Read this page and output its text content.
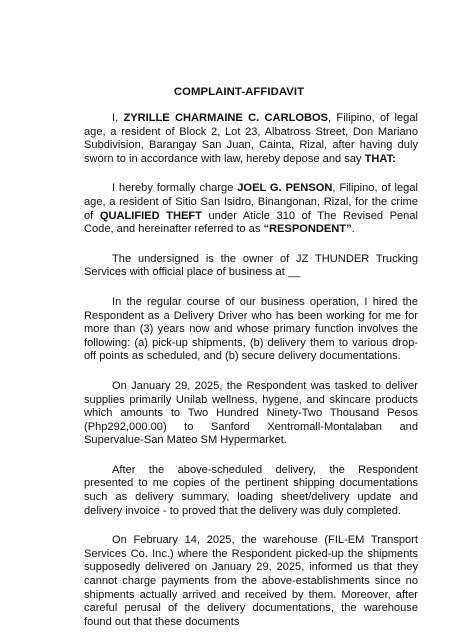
COMPLAINT-AFFIDAVIT

I, ZYRILLE CHARMAINE C. CARLOBOS, Filipino, of legal age, a resident of Block 2, Lot 23, Albatross Street, Don Marіano Subdivision, Barangay San Juan, Cainta, Rizal, after having duly sworn to in accordance with law, hereby depose and say THAT:

I hereby formally charge JOEL G. PENSON, Filipino, of legal age, a resident of Sitio San Isidro, Binangonan, Rizal, for the crime of QUALIFIED THEFT under Aticle 310 of The Revised Penal Code, and hereinafter referred to as “RESPONDENT”.

The undersigned is the owner of JZ THUNDER Trucking Services with official place of business at __

In the regular course of our business operation, I hired the Respondent as a Delivery Driver who has been working for me for more than (3) years now and whose primary function involves the following: (a) pick-up shipments, (b) delivery them to various drop-off points as scheduled, and (b) secure delivery documentations.

On January 29, 2025, the Respondent was tasked to deliver supplies primarily Unilab wellness, hygene, and skincare products which amounts to Two Hundred Ninety-Two Thousand Pesos (Php292,000.00) to Sanford Xentromall-Montalaban and Supervalue-San Mateo SM Hypermarket.

After the above-scheduled delivery, the Respondent presented to me copies of the pertinent shipping documentations such as delivery summary, loading sheet/delivery update and delivery invoice - to proved that the delivery was duly completed.

On February 14, 2025, the warehouse (FIL-EM Transport Services Co. Inc.) where the Respondent picked-up the shipments supposedly delivered on January 29, 2025, informed us that they cannot charge payments from the above-establishments since no shipments actually arrived and received by them. Moreover, after careful perusal of the delivery documentations, the warehouse found out that these documents
